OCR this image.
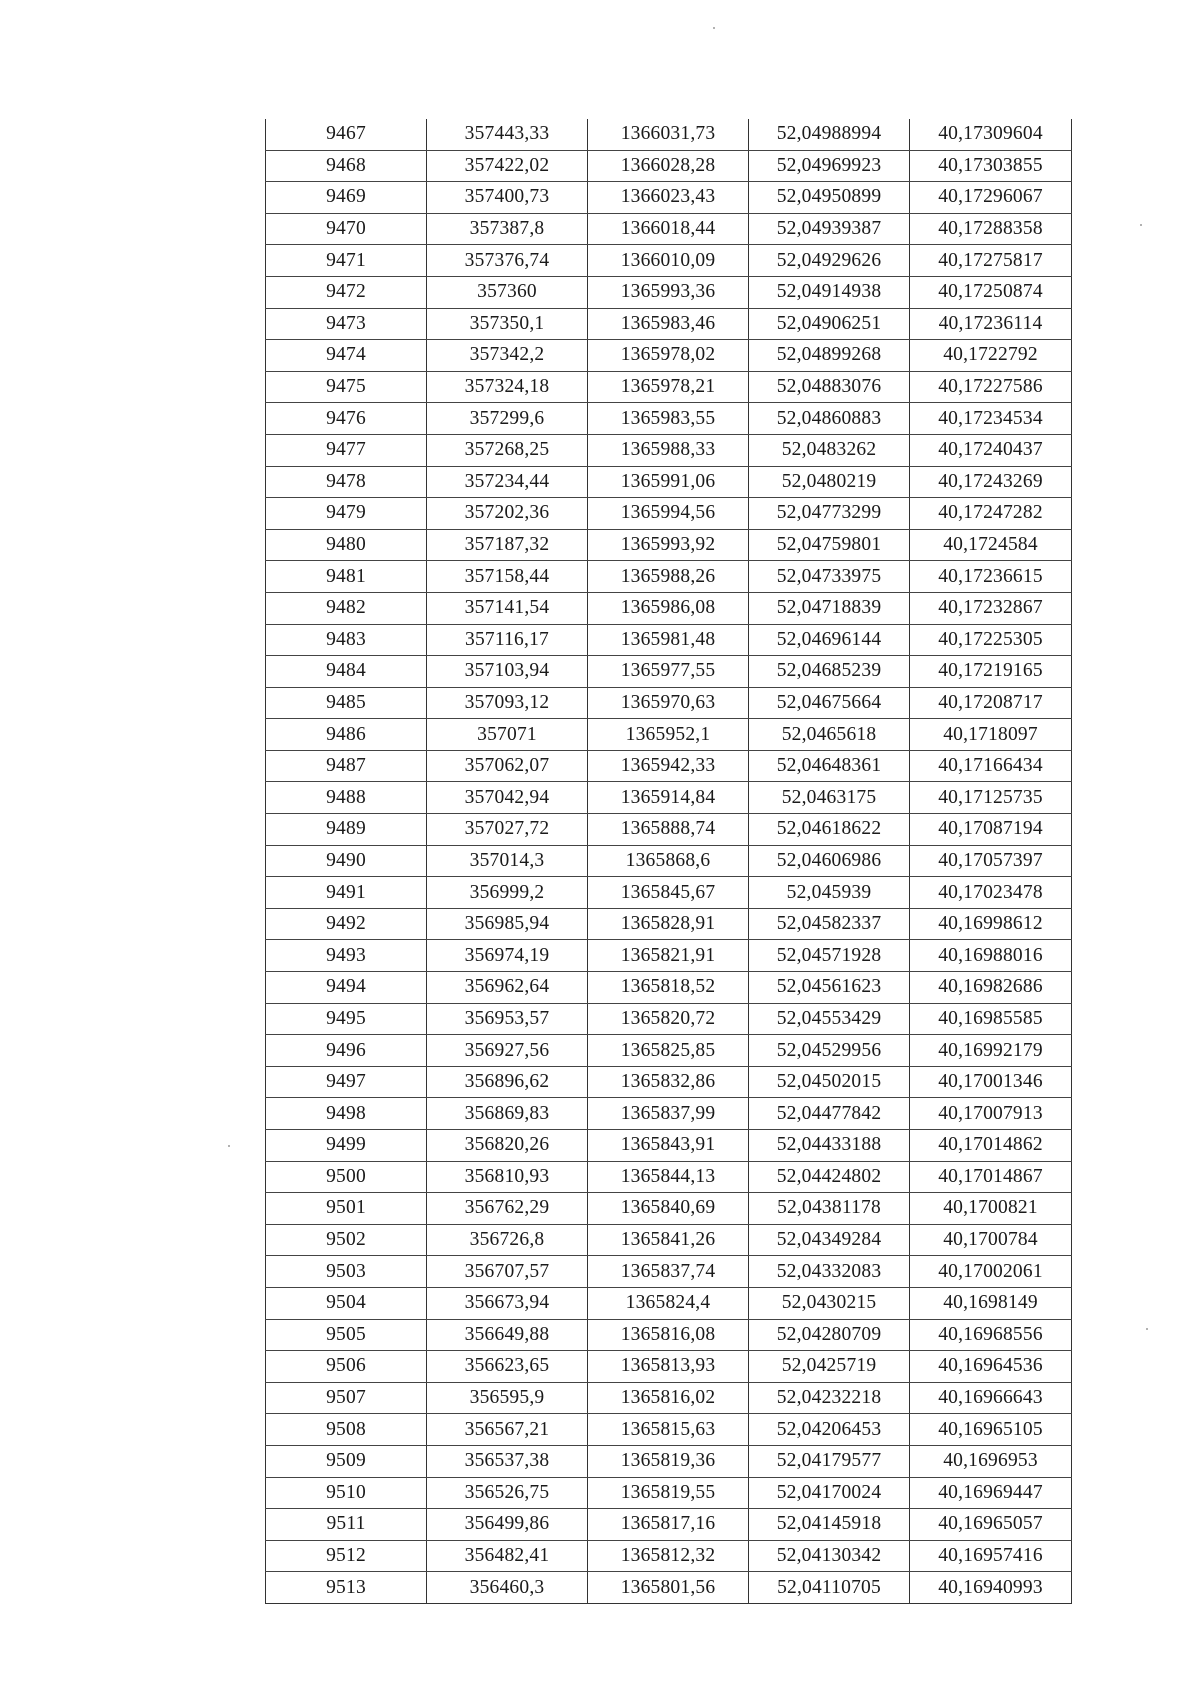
9467	357443,33	1366031,73	52,04988994	40,17309604
9468	357422,02	1366028,28	52,04969923	40,17303855
9469	357400,73	1366023,43	52,04950899	40,17296067
9470	357387,8	1366018,44	52,04939387	40,17288358
9471	357376,74	1366010,09	52,04929626	40,17275817
9472	357360	1365993,36	52,04914938	40,17250874
9473	357350,1	1365983,46	52,04906251	40,17236114
9474	357342,2	1365978,02	52,04899268	40,1722792
9475	357324,18	1365978,21	52,04883076	40,17227586
9476	357299,6	1365983,55	52,04860883	40,17234534
9477	357268,25	1365988,33	52,0483262	40,17240437
9478	357234,44	1365991,06	52,0480219	40,17243269
9479	357202,36	1365994,56	52,04773299	40,17247282
9480	357187,32	1365993,92	52,04759801	40,1724584
9481	357158,44	1365988,26	52,04733975	40,17236615
9482	357141,54	1365986,08	52,04718839	40,17232867
9483	357116,17	1365981,48	52,04696144	40,17225305
9484	357103,94	1365977,55	52,04685239	40,17219165
9485	357093,12	1365970,63	52,04675664	40,17208717
9486	357071	1365952,1	52,0465618	40,1718097
9487	357062,07	1365942,33	52,04648361	40,17166434
9488	357042,94	1365914,84	52,0463175	40,17125735
9489	357027,72	1365888,74	52,04618622	40,17087194
9490	357014,3	1365868,6	52,04606986	40,17057397
9491	356999,2	1365845,67	52,045939	40,17023478
9492	356985,94	1365828,91	52,04582337	40,16998612
9493	356974,19	1365821,91	52,04571928	40,16988016
9494	356962,64	1365818,52	52,04561623	40,16982686
9495	356953,57	1365820,72	52,04553429	40,16985585
9496	356927,56	1365825,85	52,04529956	40,16992179
9497	356896,62	1365832,86	52,04502015	40,17001346
9498	356869,83	1365837,99	52,04477842	40,17007913
9499	356820,26	1365843,91	52,04433188	40,17014862
9500	356810,93	1365844,13	52,04424802	40,17014867
9501	356762,29	1365840,69	52,04381178	40,1700821
9502	356726,8	1365841,26	52,04349284	40,1700784
9503	356707,57	1365837,74	52,04332083	40,17002061
9504	356673,94	1365824,4	52,0430215	40,1698149
9505	356649,88	1365816,08	52,04280709	40,16968556
9506	356623,65	1365813,93	52,0425719	40,16964536
9507	356595,9	1365816,02	52,04232218	40,16966643
9508	356567,21	1365815,63	52,04206453	40,16965105
9509	356537,38	1365819,36	52,04179577	40,1696953
9510	356526,75	1365819,55	52,04170024	40,16969447
9511	356499,86	1365817,16	52,04145918	40,16965057
9512	356482,41	1365812,32	52,04130342	40,16957416
9513	356460,3	1365801,56	52,04110705	40,16940993
